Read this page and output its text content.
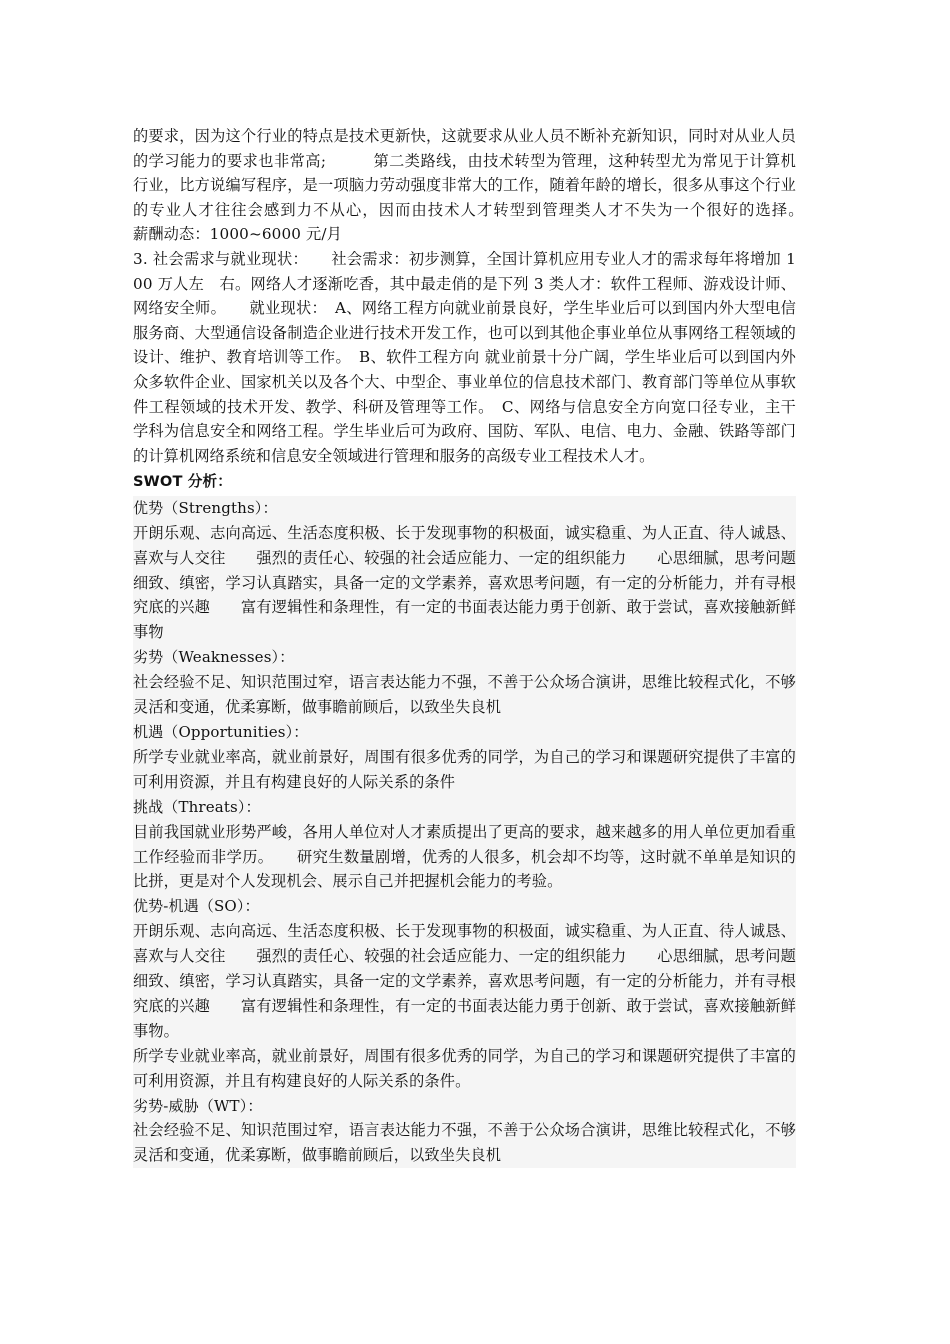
的要求，因为这个行业的特点是技术更新快，这就要求从业人员不断补充新知识，同时对从业人员的学习能力的要求也非常高;　　　第二类路线，由技术转型为管理，这种转型尤为常见于计算机行业，比方说编写程序，是一项脑力劳动强度非常大的工作，随着年龄的增长，很多从事这个行业的专业人才往往会感到力不从心，因而由技术人才转型到管理类人才不失为一个很好的选择。　　薪酬动态：1000~6000 元/月

3. 社会需求与就业现状：　　社会需求：初步测算，全国计算机应用专业人才的需求每年将增加 100 万人左　右。网络人才逐渐吃香，其中最走俏的是下列 3 类人才：软件工程师、游戏设计师、网络安全师。　　就业现状：　A、网络工程方向就业前景良好，学生毕业后可以到国内外大型电信服务商、大型通信设备制造企业进行技术开发工作，也可以到其他企事业单位从事网络工程领域的设计、维护、教育培训等工作。　B、软件工程方向 就业前景十分广阔，学生毕业后可以到国内外众多软件企业、国家机关以及各个大、中型企、事业单位的信息技术部门、教育部门等单位从事软件工程领域的技术开发、教学、科研及管理等工作。　C、网络与信息安全方向宽口径专业，主干学科为信息安全和网络工程。学生毕业后可为政府、国防、军队、电信、电力、金融、铁路等部门的计算机网络系统和信息安全领域进行管理和服务的高级专业工程技术人才。

SWOT 分析：

优势（Strengths）：

开朗乐观、志向高远、生活态度积极、长于发现事物的积极面，诚实稳重、为人正直、待人诚恳、喜欢与人交往　　强烈的责任心、较强的社会适应能力、一定的组织能力　　心思细腻，思考问题细致、缜密，学习认真踏实，具备一定的文学素养，喜欢思考问题，有一定的分析能力，并有寻根究底的兴趣　　富有逻辑性和条理性，有一定的书面表达能力勇于创新、敢于尝试，喜欢接触新鲜事物

劣势（Weaknesses）：

社会经验不足、知识范围过窄，语言表达能力不强，不善于公众场合演讲，思维比较程式化，不够灵活和变通，优柔寡断，做事瞻前顾后，以致坐失良机

机遇（Opportunities）：

所学专业就业率高，就业前景好，周围有很多优秀的同学，为自己的学习和课题研究提供了丰富的可利用资源，并且有构建良好的人际关系的条件

挑战（Threats）：

目前我国就业形势严峻，各用人单位对人才素质提出了更高的要求，越来越多的用人单位更加看重工作经验而非学历。　　研究生数量剧增，优秀的人很多，机会却不均等，这时就不单单是知识的比拼，更是对个人发现机会、展示自己并把握机会能力的考验。

优势-机遇（SO）：

开朗乐观、志向高远、生活态度积极、长于发现事物的积极面，诚实稳重、为人正直、待人诚恳、喜欢与人交往　　强烈的责任心、较强的社会适应能力、一定的组织能力　　心思细腻，思考问题细致、缜密，学习认真踏实，具备一定的文学素养，喜欢思考问题，有一定的分析能力，并有寻根究底的兴趣　　富有逻辑性和条理性，有一定的书面表达能力勇于创新、敢于尝试，喜欢接触新鲜事物。

所学专业就业率高，就业前景好，周围有很多优秀的同学，为自己的学习和课题研究提供了丰富的可利用资源，并且有构建良好的人际关系的条件。

劣势-威胁（WT）：

社会经验不足、知识范围过窄，语言表达能力不强，不善于公众场合演讲，思维比较程式化，不够灵活和变通，优柔寡断，做事瞻前顾后，以致坐失良机
